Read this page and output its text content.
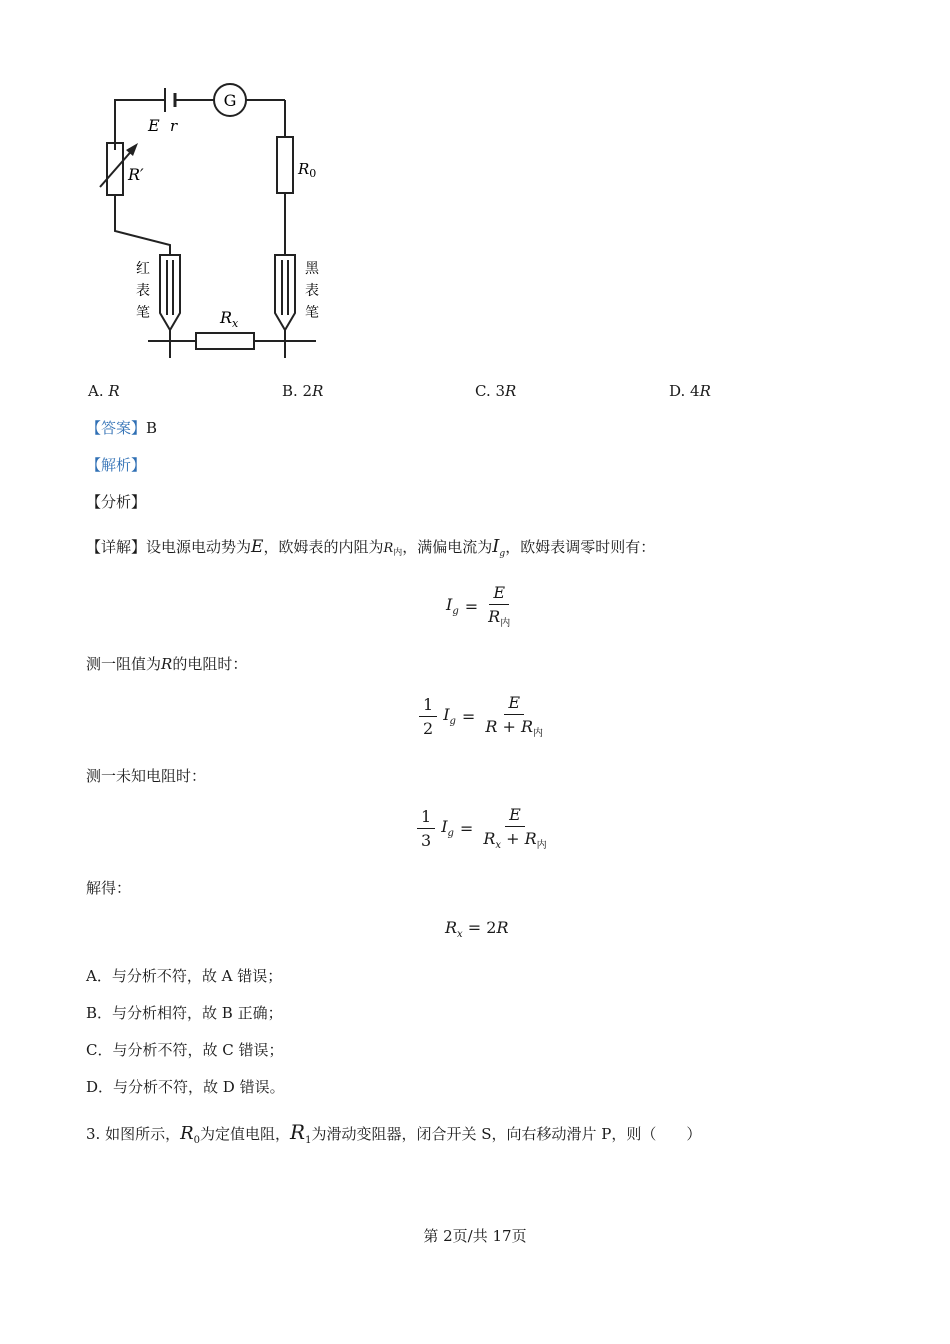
G
E r
R′	$R_0$
红
表
笔
黑
表
笔
$R_x$
A. R	B. 2R	C. 3R	D. 4R
【答案】B
【解析】
【分析】
【详解】设电源电动势为E，欧姆表的内阻为$R_内$，满偏电流为$I_g$，欧姆表调零时则有：
$I_g = \frac{E}{R_内}$
测一阻值为R的电阻时：
$\frac{1}{2} I_g = \frac{E}{R + R_内}$
测一未知电阻时：
$\frac{1}{3} I_g = \frac{E}{R_x + R_内}$
解得：
$R_x = 2R$
A．与分析不符，故 A 错误；
B．与分析相符，故 B 正确；
C．与分析不符，故 C 错误；
D．与分析不符，故 D 错误。
3. 如图所示，$R_0$为定值电阻，$R_1$为滑动变阻器，闭合开关 S，向右移动滑片 P，则（　　）
第 2页/共 17页
